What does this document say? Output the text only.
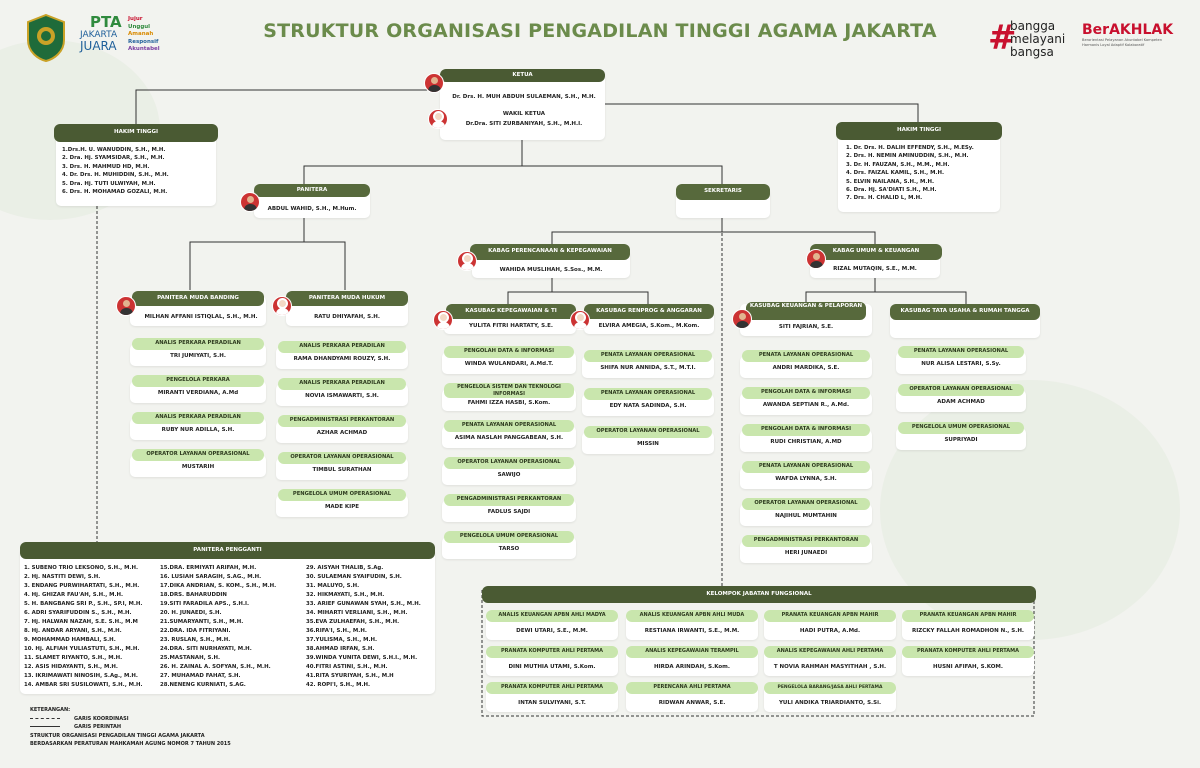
PTA
JAKARTA
JUARA
Jujur
Unggul
Amanah
Responsif
Akuntabel
STRUKTUR ORGANISASI PENGADILAN TINGGI AGAMA JAKARTA	#
bangga
melayani
bangsa
BerAKHLAK
Berorientasi Pelayanan Akuntabel Kompeten Harmonis Loyal Adaptif Kolaboratif
KETUA
Dr. Drs. H. MUH ABDUH SULAEMAN, S.H., M.H.
WAKIL KETUA
Dr.Dra. SITI ZURBANIYAH, S.H., M.H.I.
HAKIM TINGGI
1.Drs.H. U. WANUDDIN, S.H., M.H.
2. Dra. Hj. SYAMSIDAR, S.H., M.H.
3. Drs. H. MAHMUD HD, M.H.
4. Dr. Drs. H. MUHIDDIN, S.H., M.H.
5. Dra. Hj. TUTI ULWIYAH, M.H.
6. Drs. H. MOHAMAD GOZALI, M.H.
HAKIM TINGGI
1. Dr. Drs. H. DALIH EFFENDY, S.H., M.ESy.
2. Drs. H. NEMIN AMINUDDIN, S.H., M.H.
3. Dr. H. FAUZAN, S.H., M.M., M.H.
4. Drs. FAIZAL KAMIL, S.H., M.H.
5. ELVIN NAILANA, S.H., M.H.
6. Dra. Hj. SA'DIATI S.H., M.H.
7. Drs. H. CHALID L, M.H.
PANITERA
ABDUL WAHID, S.H., M.Hum.
SEKRETARIS
PANITERA MUDA BANDING
MILHAN AFFANI ISTIQLAL, S.H., M.H.
ANALIS PERKARA PERADILAN
TRI JUMIYATI, S.H.
PENGELOLA PERKARA
MIRANTI VERDIANA, A.Md
ANALIS PERKARA PERADILAN
RUBY NUR ADILLA, S.H.
OPERATOR LAYANAN OPERASIONAL
MUSTARIH
PANITERA MUDA HUKUM
RATU DHIYAFAH, S.H.
ANALIS PERKARA PERADILAN
RAMA DHANDYAMI ROUZY, S.H.
ANALIS PERKARA PERADILAN
NOVIA ISMAWARTI, S.H.
PENGADMINISTRASI PERKANTORAN
AZHAR ACHMAD
OPERATOR LAYANAN OPERASIONAL
TIMBUL SURATHAN
PENGELOLA UMUM OPERASIONAL
MADE KIPE
KABAG PERENCANAAN & KEPEGAWAIAN
WAHIDA MUSLIHAH, S.Sos., M.M.
KABAG UMUM & KEUANGAN
RIZAL MUTAQIN, S.E., M.M.
KASUBAG KEPEGAWAIAN & TI
YULITA FITRI HARTATY, S.E.
PENGOLAH DATA & INFORMASI
WINDA WULANDARI, A.Md.T.
PENGELOLA SISTEM DAN TEKNOLOGI INFORMASI
FAHMI IZZA HASBI, S.Kom.
PENATA LAYANAN OPERASIONAL
ASIMA NASLAH PANGGABEAN, S.H.
OPERATOR LAYANAN OPERASIONAL
SAWIJO
PENGADMINISTRASI PERKANTORAN
FADLUS SAJDI
PENGELOLA UMUM OPERASIONAL
TARSO
KASUBAG RENPROG & ANGGARAN
ELVIRA AMEGIA, S.Kom., M.Kom.
PENATA LAYANAN OPERASIONAL
SHIFA NUR ANNIDA, S.T., M.T.I.
PENATA LAYANAN OPERASIONAL
EDY NATA SADINDA, S.H.
OPERATOR LAYANAN OPERASIONAL
MISSIN
KASUBAG KEUANGAN & PELAPORAN
SITI FAJRIAN, S.E.
PENATA LAYANAN OPERASIONAL
ANDRI MARDIKA, S.E.
PENGOLAH DATA & INFORMASI
AWANDA SEPTIAN R., A.Md.
PENGOLAH DATA & INFORMASI
RUDI CHRISTIAN, A.MD
PENATA LAYANAN OPERASIONAL
WAFDA LYNNA, S.H.
OPERATOR LAYANAN OPERASIONAL
NAJIHUL MUMTAHIN
PENGADMINISTRASI PERKANTORAN
HERI JUNAEDI
KASUBAG TATA USAHA & RUMAH TANGGA
PENATA LAYANAN OPERASIONAL
NUR ALISA LESTARI, S.Sy.
OPERATOR LAYANAN OPERASIONAL
ADAM ACHMAD
PENGELOLA UMUM OPERASIONAL
SUPRIYADI
PANITERA PENGGANTI
1. SUBENO TRIO LEKSONO, S.H., M.H.
2. Hj. NASTITI DEWI, S.H.
3. ENDANG PURWIHARTATI, S.H., M.H.
4. Hj. GHIZAR FAU'AH, S.H., M.H.
5. H. BANGBANG SRI P., S.H., SP.I, M.H.
6. ADRI SYARIFUDDIN S., S.H., M.H.
7. Hj. HALWAN NAZAH, S.E. S.H., M.M
8. Hj. ANDAR ARYANI, S.H., M.H.
9. MOHAMMAD HAMBALI, S.H.
10. Hj. ALFIAH YULIASTUTI, S.H., M.H.
11. SLAMET RIYANTO, S.H., M.H.
12. ASIS HIDAYANTI, S.H., M.H.
13. IKRIMAWATI NINOSIH, S.Ag., M.H.
14. AMBAR SRI SUSILOWATI, S.H., M.H.
15.DRA. ERMIYATI ARIFAH, M.H.
16. LUSIAH SARAGIH, S.AG., M.H.
17.DIKA ANDRIAN, S. KOM., S.H., M.H.
18.DRS. BAHARUDDIN
19.SITI FARADILA APS., S.H.I.
20. H. JUNAEDI, S.H.
21.SUMARYANTI, S.H., M.H.
22.DRA. IDA FITRIYANI.
23. RUSLAN, S.H., M.H.
24.DRA. SITI NURHAYATI, M.H.
25.MASTANAH, S.H.
26. H. ZAINAL A. SOFYAN, S.H., M.H.
27. MUHAMAD FAHAT, S.H.
28.NENENG KURNIATI, S.AG.
29. AISYAH THALIB, S.Ag.
30. SULAEMAN SYAIFUDIN, S.H.
31. MALUYO, S.H.
32. HIKMAYATI, S.H., M.H.
33. ARIEF GUNAWAN SYAH, S.H., M.H.
34. MIHARTI VERLIANI, S.H., M.H.
35.EVA ZULHAEFAH, S.H., M.H.
36.RIFA'I, S.H., M.H.
37.YULISMA, S.H., M.H.
38.AHMAD IRFAN, S.H.
39.WINDA YUNITA DEWI, S.H.I., M.H.
40.FITRI ASTINI, S.H., M.H.
41.RITA SYURIYAH, S.H., M.H
42. ROPI'I, S.H., M.H.
KELOMPOK JABATAN FUNGSIONAL
ANALIS KEUANGAN APBN AHLI MADYA
DEWI UTARI, S.E., M.M.
PRANATA KOMPUTER AHLI PERTAMA
DINI MUTHIA UTAMI, S.Kom.
PRANATA KOMPUTER AHLI PERTAMA
INTAN SULVIYANI, S.T.
ANALIS KEUANGAN APBN AHLI MUDA
RESTIANA IRWANTI, S.E., M.M.
ANALIS KEPEGAWAIAN TERAMPIL
HIRDA ARINDAH, S.Kom.
PERENCANA AHLI PERTAMA
RIDWAN ANWAR, S.E.
PRANATA KEUANGAN APBN MAHIR
HADI PUTRA, A.Md.
ANALIS KEPEGAWAIAN AHLI PERTAMA
T NOVIA RAHMAH MASYITHAH , S.H.
PENGELOLA BARANG/JASA AHLI PERTAMA
YULI ANDIKA TRIARDIANTO, S.Si.
PRANATA KEUANGAN APBN MAHIR
RIZCKY FALLAH ROMADHON N., S.H.
PRANATA KOMPUTER AHLI PERTAMA
HUSNI AFIFAH, S.KOM.
KETERANGAN:
GARIS KOORDINASI
GARIS PERINTAH
STRUKTUR ORGANISASI PENGADILAN TINGGI AGAMA JAKARTA
BERDASARKAN PERATURAN MAHKAMAH AGUNG NOMOR 7 TAHUN 2015
